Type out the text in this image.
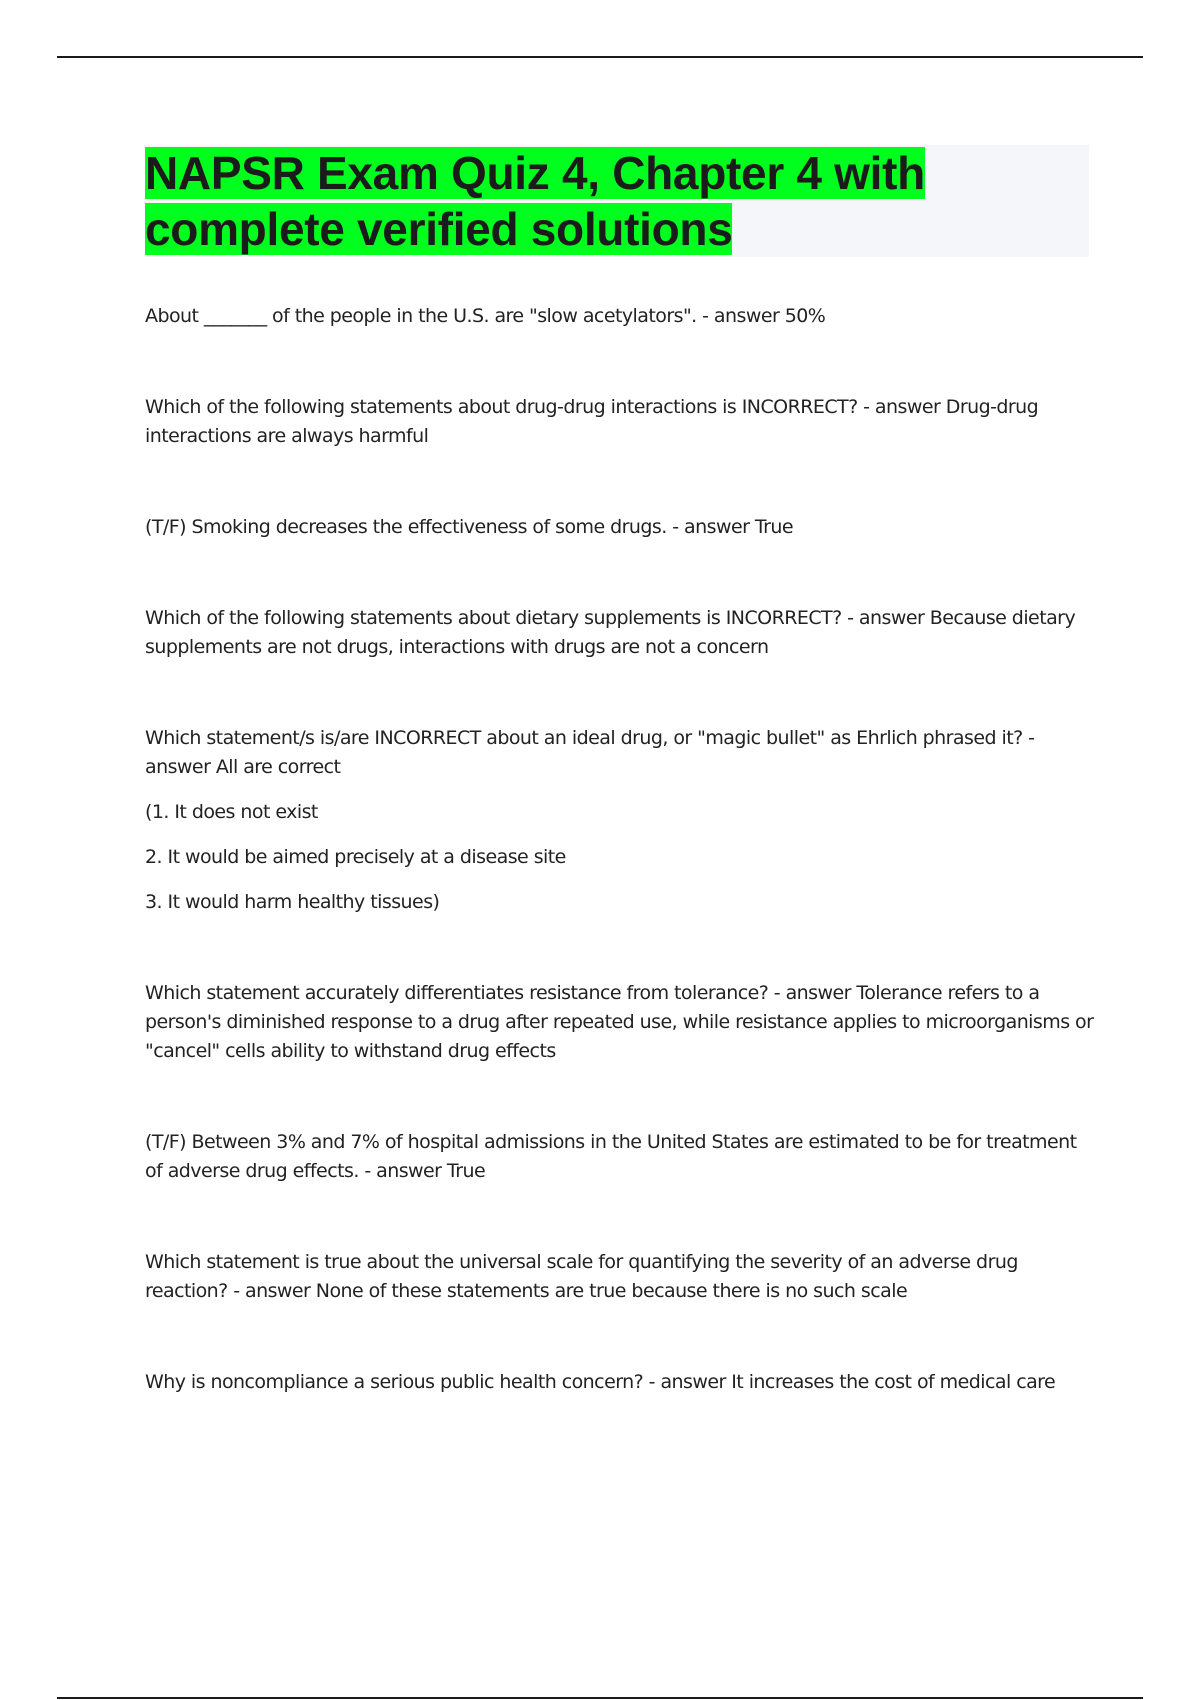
NAPSR Exam Quiz 4, Chapter 4 with complete verified solutions

About _______ of the people in the U.S. are "slow acetylators". - answer 50%

Which of the following statements about drug-drug interactions is INCORRECT? - answer Drug-drug interactions are always harmful

(T/F) Smoking decreases the effectiveness of some drugs. - answer True

Which of the following statements about dietary supplements is INCORRECT? - answer Because dietary supplements are not drugs, interactions with drugs are not a concern

Which statement/s is/are INCORRECT about an ideal drug, or "magic bullet" as Ehrlich phrased it? - answer All are correct

(1. It does not exist

2. It would be aimed precisely at a disease site

3. It would harm healthy tissues)

Which statement accurately differentiates resistance from tolerance? - answer Tolerance refers to a person's diminished response to a drug after repeated use, while resistance applies to microorganisms or "cancel" cells ability to withstand drug effects

(T/F) Between 3% and 7% of hospital admissions in the United States are estimated to be for treatment of adverse drug effects. - answer True

Which statement is true about the universal scale for quantifying the severity of an adverse drug reaction? - answer None of these statements are true because there is no such scale

Why is noncompliance a serious public health concern? - answer It increases the cost of medical care
